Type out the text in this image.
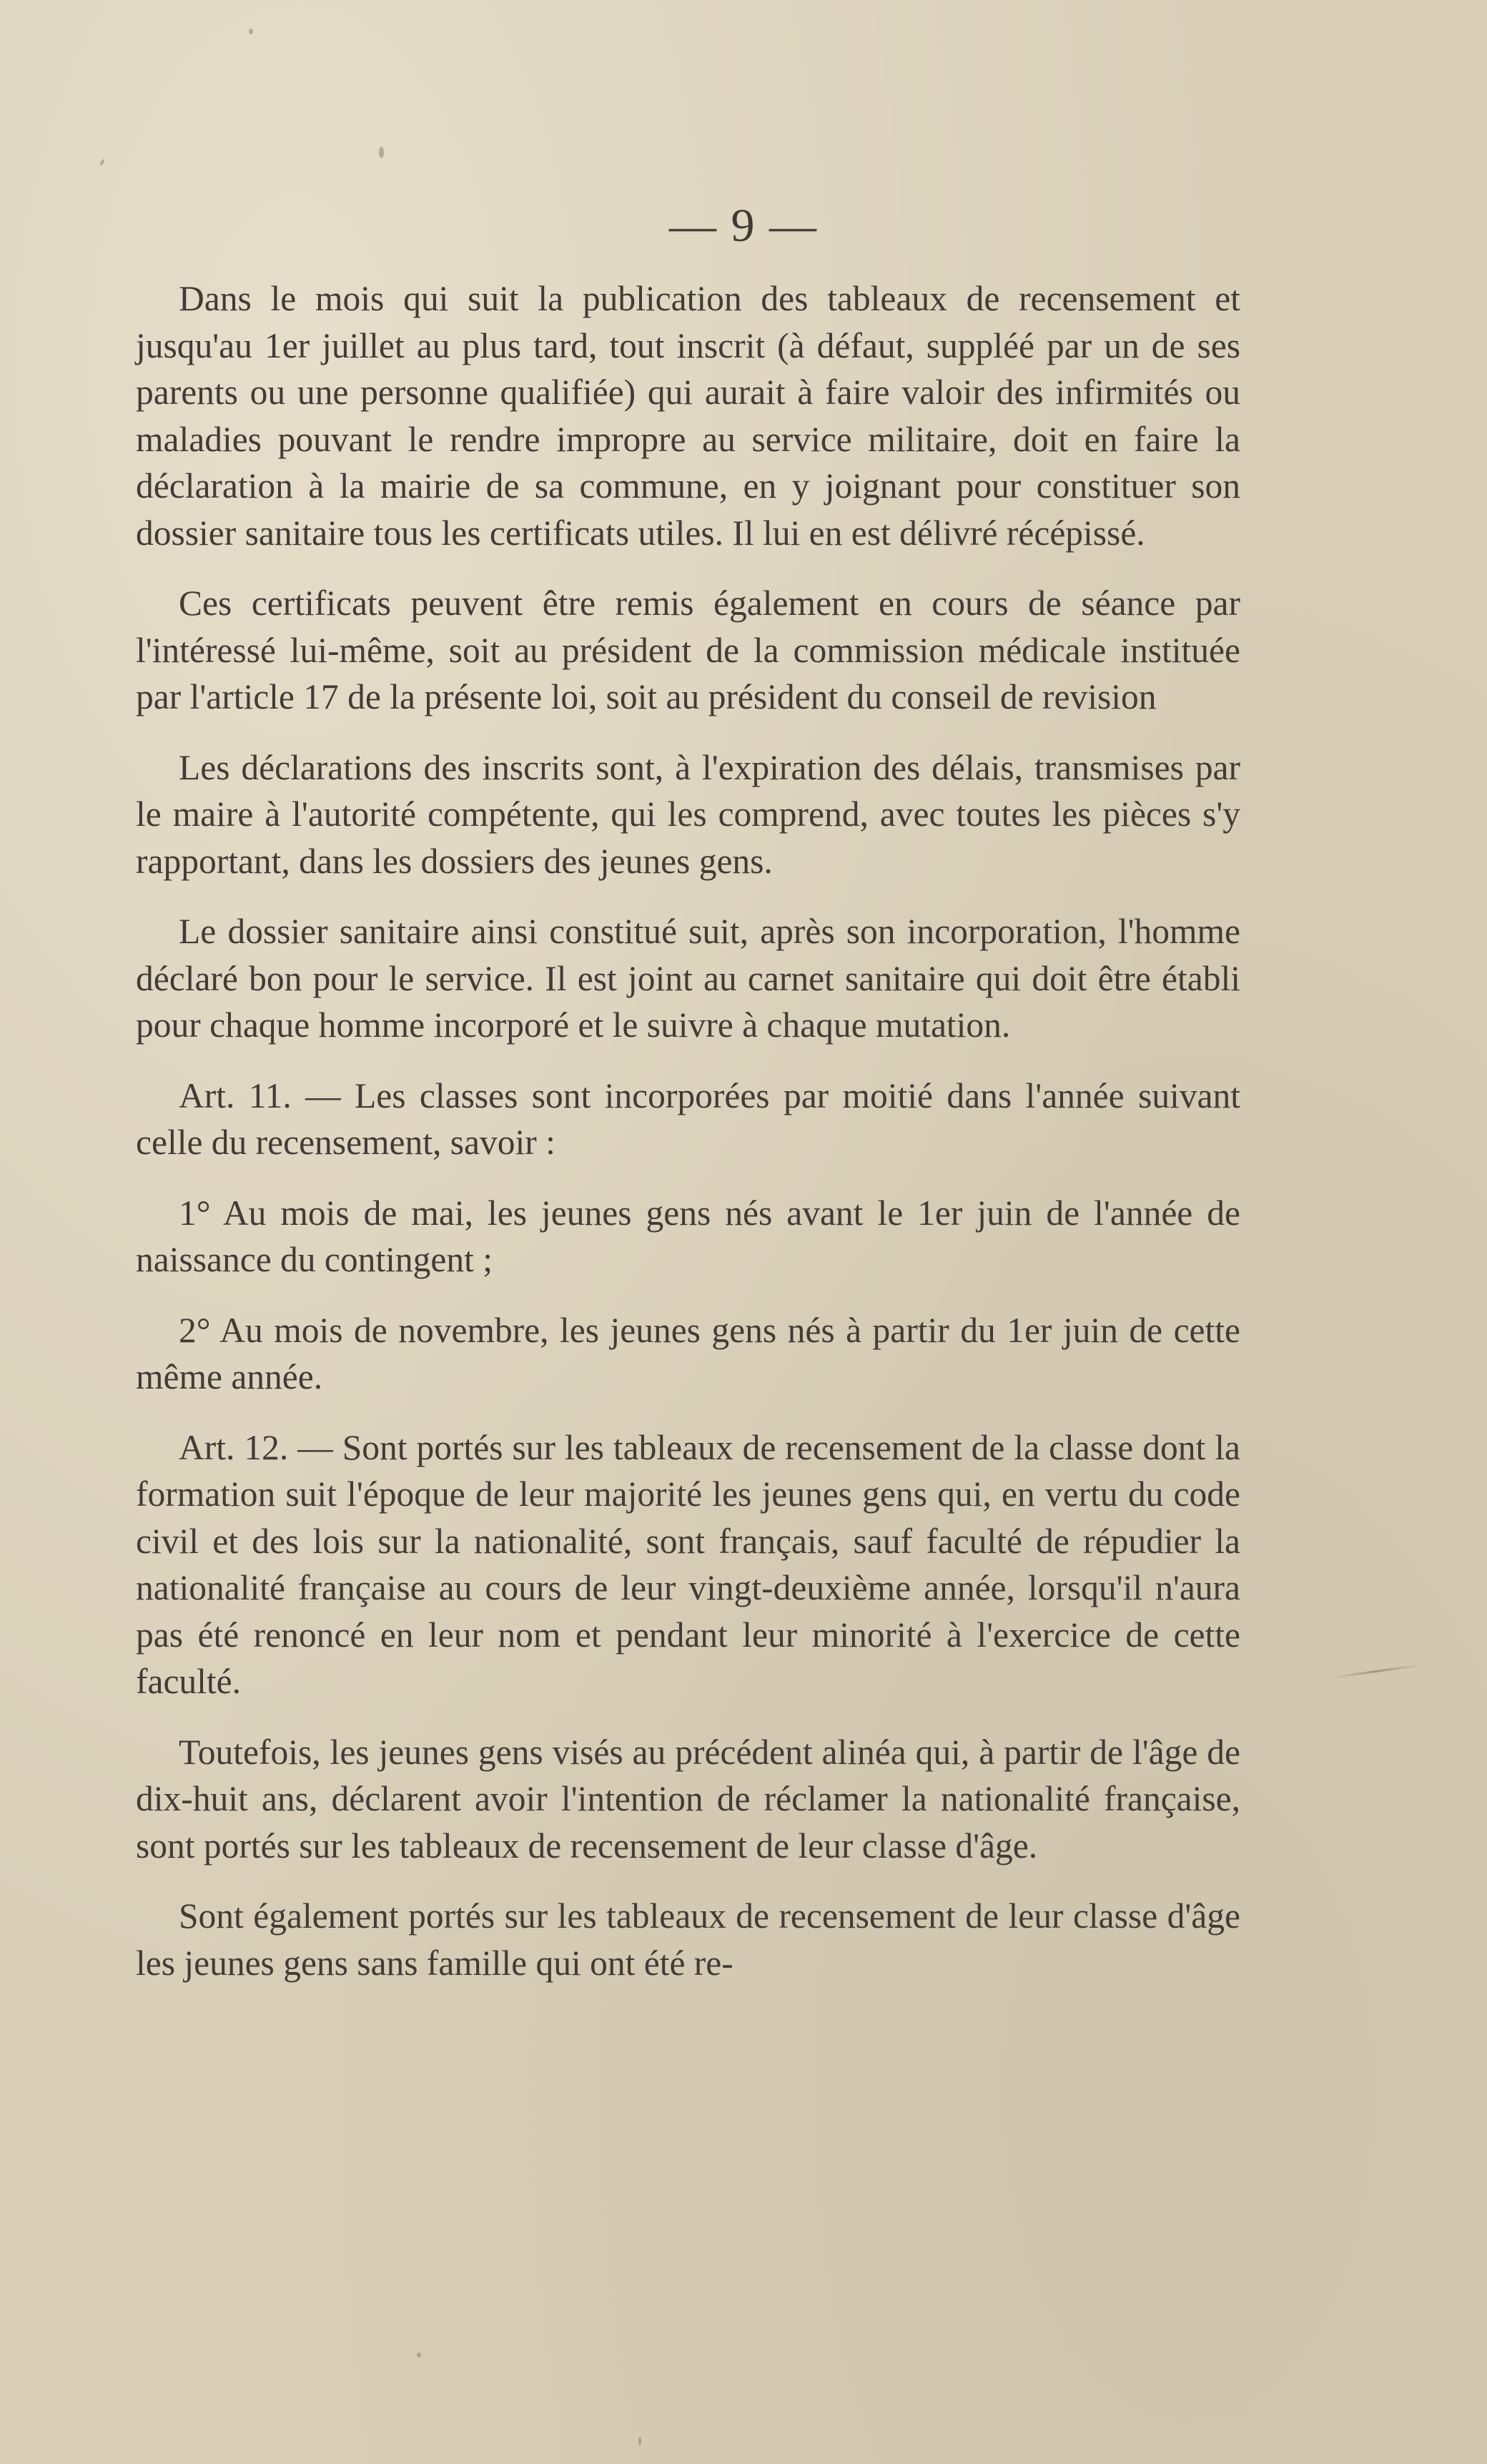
— 9 —

Dans le mois qui suit la publication des tableaux de recensement et jusqu'au 1er juillet au plus tard, tout inscrit (à défaut, suppléé par un de ses parents ou une personne qualifiée) qui aurait à faire valoir des infirmités ou maladies pouvant le rendre impropre au service militaire, doit en faire la déclaration à la mairie de sa commune, en y joignant pour constituer son dossier sanitaire tous les certificats utiles. Il lui en est délivré récépissé.

Ces certificats peuvent être remis également en cours de séance par l'intéressé lui-même, soit au président de la commission médicale instituée par l'article 17 de la présente loi, soit au président du conseil de revision

Les déclarations des inscrits sont, à l'expiration des délais, transmises par le maire à l'autorité compétente, qui les comprend, avec toutes les pièces s'y rapportant, dans les dossiers des jeunes gens.

Le dossier sanitaire ainsi constitué suit, après son incorporation, l'homme déclaré bon pour le service. Il est joint au carnet sanitaire qui doit être établi pour chaque homme incorporé et le suivre à chaque mutation.

Art. 11. — Les classes sont incorporées par moitié dans l'année suivant celle du recensement, savoir :

1° Au mois de mai, les jeunes gens nés avant le 1er juin de l'année de naissance du contingent ;

2° Au mois de novembre, les jeunes gens nés à partir du 1er juin de cette même année.

Art. 12. — Sont portés sur les tableaux de recensement de la classe dont la formation suit l'époque de leur majorité les jeunes gens qui, en vertu du code civil et des lois sur la nationalité, sont français, sauf faculté de répudier la nationalité française au cours de leur vingt-deuxième année, lorsqu'il n'aura pas été renoncé en leur nom et pendant leur minorité à l'exercice de cette faculté.

Toutefois, les jeunes gens visés au précédent alinéa qui, à partir de l'âge de dix-huit ans, déclarent avoir l'intention de réclamer la nationalité française, sont portés sur les tableaux de recensement de leur classe d'âge.

Sont également portés sur les tableaux de recensement de leur classe d'âge les jeunes gens sans famille qui ont été re-
